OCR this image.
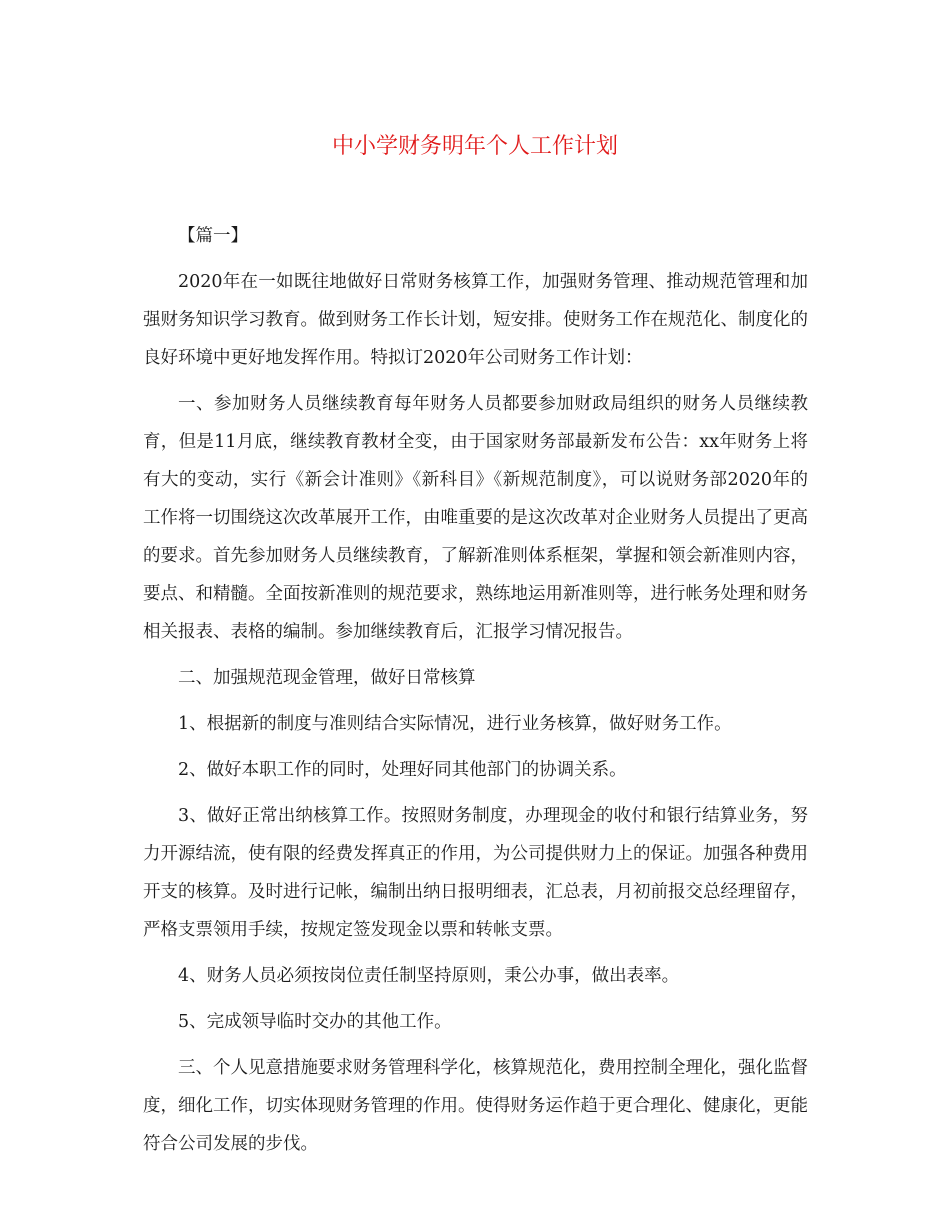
中小学财务明年个人工作计划

【篇一】

2020年在一如既往地做好日常财务核算工作，加强财务管理、推动规范管理和加强财务知识学习教育。做到财务工作长计划，短安排。使财务工作在规范化、制度化的良好环境中更好地发挥作用。特拟订2020年公司财务工作计划：

一、参加财务人员继续教育每年财务人员都要参加财政局组织的财务人员继续教育，但是11月底，继续教育教材全变，由于国家财务部最新发布公告：xx年财务上将有大的变动，实行《新会计准则》《新科目》《新规范制度》，可以说财务部2020年的工作将一切围绕这次改革展开工作，由唯重要的是这次改革对企业财务人员提出了更高的要求。首先参加财务人员继续教育，了解新准则体系框架，掌握和领会新准则内容，要点、和精髓。全面按新准则的规范要求，熟练地运用新准则等，进行帐务处理和财务相关报表、表格的编制。参加继续教育后，汇报学习情况报告。

二、加强规范现金管理，做好日常核算

1、根据新的制度与准则结合实际情况，进行业务核算，做好财务工作。

2、做好本职工作的同时，处理好同其他部门的协调关系。

3、做好正常出纳核算工作。按照财务制度，办理现金的收付和银行结算业务，努力开源结流，使有限的经费发挥真正的作用，为公司提供财力上的保证。加强各种费用开支的核算。及时进行记帐，编制出纳日报明细表，汇总表，月初前报交总经理留存，严格支票领用手续，按规定签发现金以票和转帐支票。

4、财务人员必须按岗位责任制坚持原则，秉公办事，做出表率。

5、完成领导临时交办的其他工作。

三、个人见意措施要求财务管理科学化，核算规范化，费用控制全理化，强化监督度，细化工作，切实体现财务管理的作用。使得财务运作趋于更合理化、健康化，更能符合公司发展的步伐。
